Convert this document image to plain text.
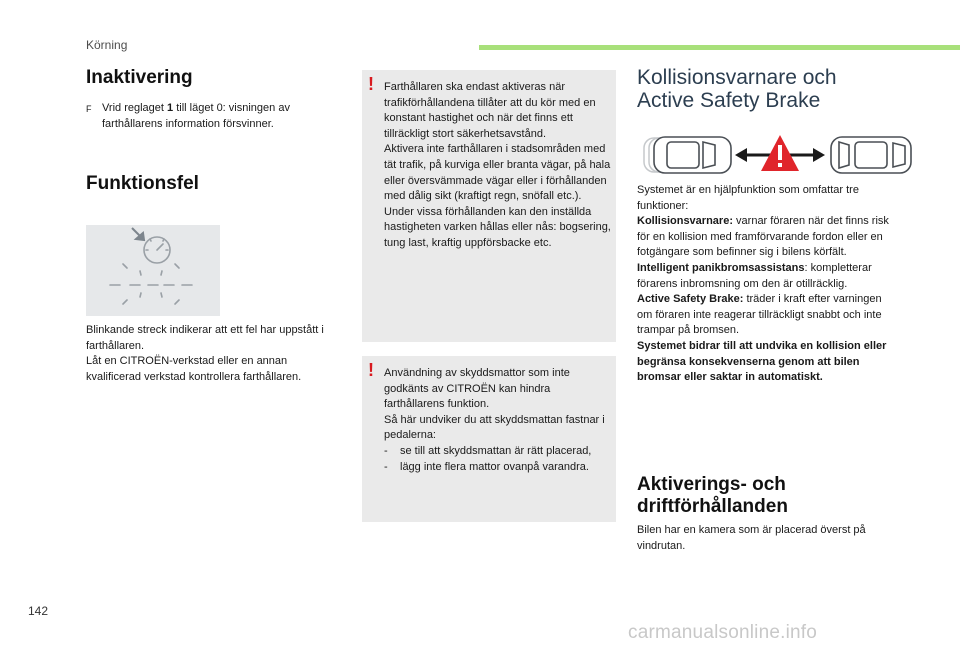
Körning
Inaktivering
F Vrid reglaget 1 till läget 0: visningen av farthållarens information försvinner.
Funktionsfel
Blinkande streck indikerar att ett fel har uppstått i farthållaren.
Låt en CITROËN-verkstad eller en annan kvalificerad verkstad kontrollera farthållaren.
! Farthållaren ska endast aktiveras när trafikförhållandena tillåter att du kör med en konstant hastighet och när det finns ett tillräckligt stort säkerhetsavstånd.

Aktivera inte farthållaren i stadsområden med tät trafik, på kurviga eller branta vägar, på hala eller översvämmade vägar eller i förhållanden med dålig sikt (kraftigt regn, snöfall etc.).

Under vissa förhållanden kan den inställda hastigheten varken hållas eller nås: bogsering, tung last, kraftig uppförsbacke etc.

! Användning av skyddsmattor som inte godkänts av CITROËN kan hindra farthållarens funktion.

Så här undviker du att skyddsmattan fastnar i pedalerna:

-	se till att skyddsmattan är rätt placerad,
-	lägg inte flera mattor ovanpå varandra.
Kollisionsvarnare och
Active Safety Brake
Systemet är en hjälpfunktion som omfattar tre funktioner:
Kollisionsvarnare: varnar föraren när det finns risk för en kollision med framförvarande fordon eller en fotgängare som befinner sig i bilens körfält.
Intelligent panikbromsassistans: kompletterar förarens inbromsning om den är otillräcklig.
Active Safety Brake: träder i kraft efter varningen om föraren inte reagerar tillräckligt snabbt och inte trampar på bromsen.
Systemet bidrar till att undvika en kollision eller begränsa konsekvenserna genom att bilen bromsar eller saktar in automatiskt.
Aktiverings- och
driftförhållanden
Bilen har en kamera som är placerad överst på vindrutan.
142
carmanualsonline.info
